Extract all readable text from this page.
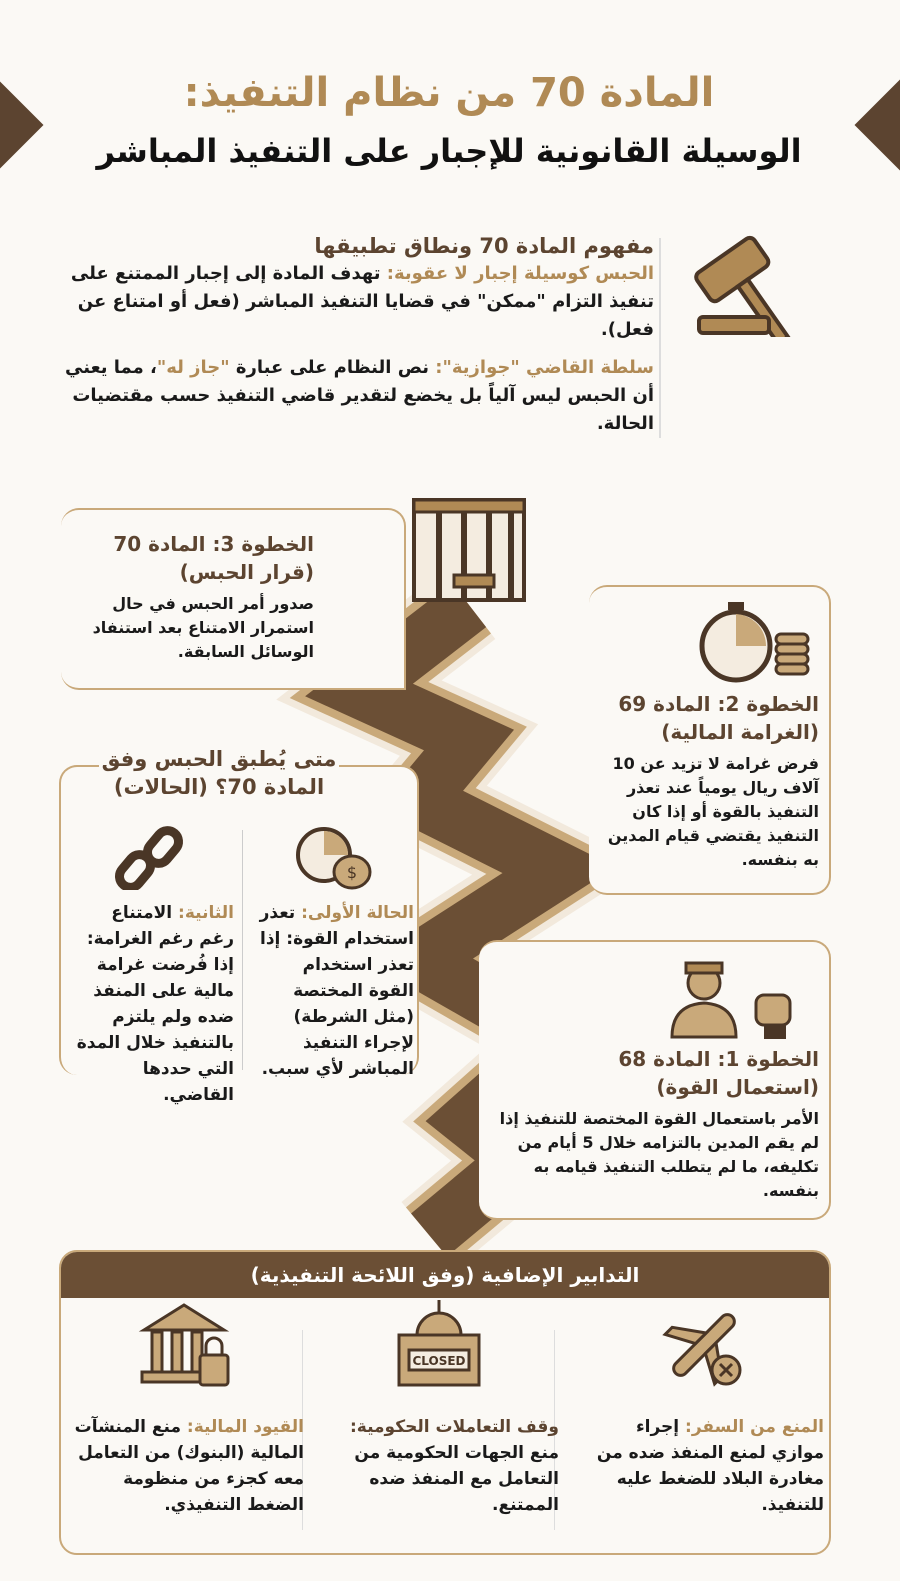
المادة 70 من نظام التنفيذ:
الوسيلة القانونية للإجبار على التنفيذ المباشر
مفهوم المادة 70 ونطاق تطبيقها

الحبس كوسيلة إجبار لا عقوبة: تهدف المادة إلى إجبار الممتنع على تنفيذ التزام "ممكن" في قضايا التنفيذ المباشر (فعل أو امتناع عن فعل).

سلطة القاضي "جوازية": نص النظام على عبارة "جاز له"، مما يعني أن الحبس ليس آلياً بل يخضع لتقدير قاضي التنفيذ حسب مقتضيات الحالة.

الخطوة 3: المادة 70
(قرار الحبس)

صدور أمر الحبس في حال استمرار الامتناع بعد استنفاد الوسائل السابقة.

الخطوة 2: المادة 69
(الغرامة المالية)

فرض غرامة لا تزيد عن 10 آلاف ريال يومياً عند تعذر التنفيذ بالقوة أو إذا كان التنفيذ يقتضي قيام المدين به بنفسه.

متى يُطبق الحبس وفق المادة 70؟ (الحالات)
$

الحالة الأولى: تعذر استخدام القوة: إذا تعذر استخدام القوة المختصة (مثل الشرطة) لإجراء التنفيذ المباشر لأي سبب.

الثانية: الامتناع رغم رغم الغرامة: إذا فُرضت غرامة مالية على المنفذ ضده ولم يلتزم بالتنفيذ خلال المدة التي حددها القاضي.

الخطوة 1: المادة 68
(استعمال القوة)

الأمر باستعمال القوة المختصة للتنفيذ إذا لم يقم المدين بالتزامه خلال 5 أيام من تكليفه، ما لم يتطلب التنفيذ قيامه به بنفسه.

التدابير الإضافية (وفق اللائحة التنفيذية)

المنع من السفر: إجراء موازي لمنع المنفذ ضده من مغادرة البلاد للضغط عليه للتنفيذ.

CLOSED

وقف التعاملات الحكومية: منع الجهات الحكومية من التعامل مع المنفذ ضده الممتنع.

القيود المالية: منع المنشآت المالية (البنوك) من التعامل معه كجزء من منظومة الضغط التنفيذي.
